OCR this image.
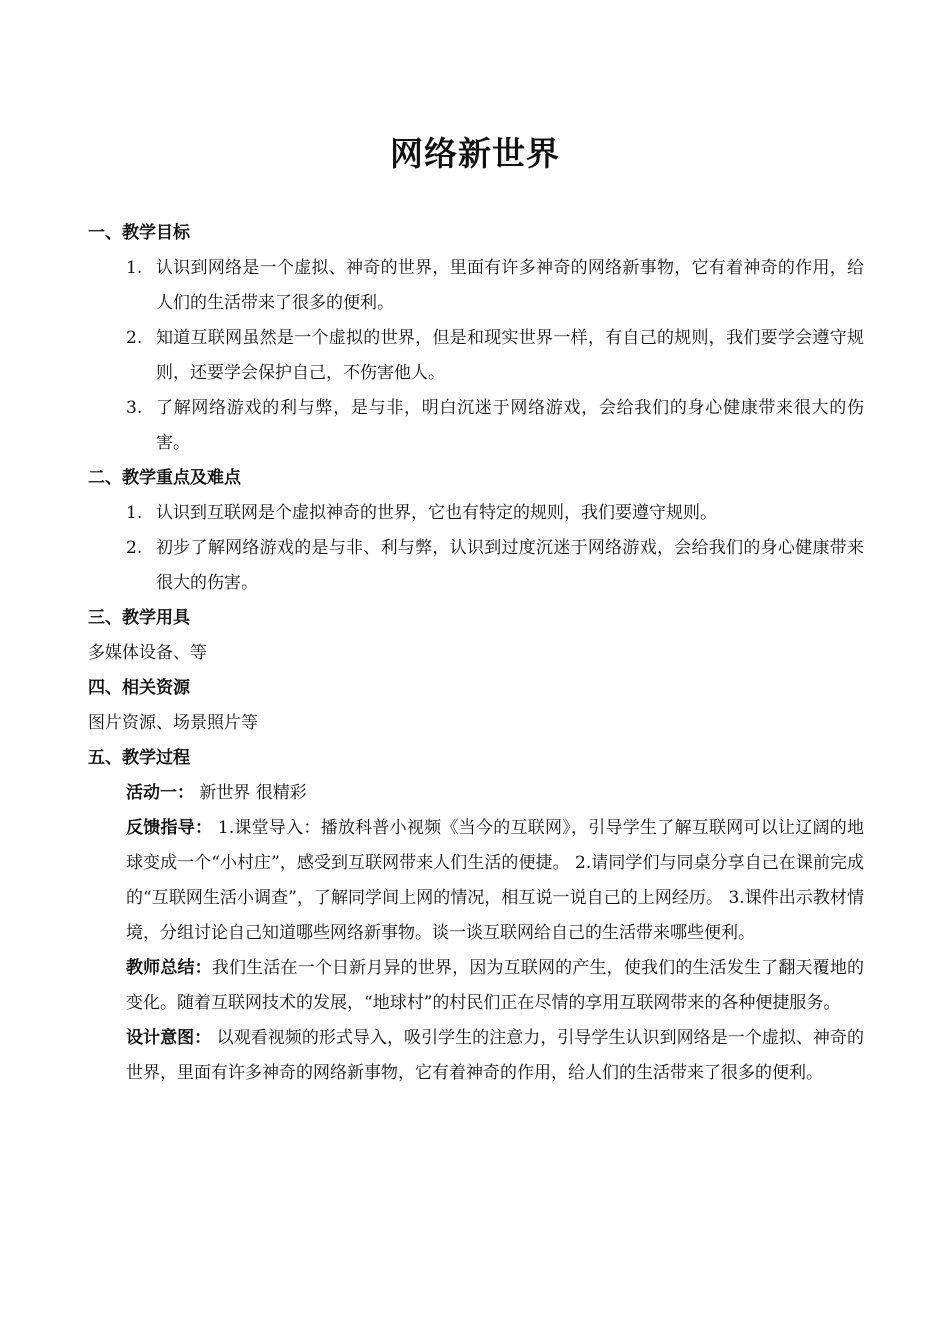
网络新世界

一、教学目标

1. 认识到网络是一个虚拟、神奇的世界，里面有许多神奇的网络新事物，它有着神奇的作用，给人们的生活带来了很多的便利。
2. 知道互联网虽然是一个虚拟的世界，但是和现实世界一样，有自己的规则，我们要学会遵守规则，还要学会保护自己，不伤害他人。
3. 了解网络游戏的利与弊，是与非，明白沉迷于网络游戏，会给我们的身心健康带来很大的伤害。

二、教学重点及难点

1. 认识到互联网是个虚拟神奇的世界，它也有特定的规则，我们要遵守规则。
2. 初步了解网络游戏的是与非、利与弊，认识到过度沉迷于网络游戏，会给我们的身心健康带来很大的伤害。

三、教学用具

多媒体设备、等

四、相关资源

图片资源、场景照片等

五、教学过程

活动一： 新世界 很精彩

反馈指导： 1.课堂导入：播放科普小视频《当今的互联网》，引导学生了解互联网可以让辽阔的地球变成一个“小村庄”，感受到互联网带来人们生活的便捷。 2.请同学们与同桌分享自己在课前完成的“互联网生活小调查”，了解同学间上网的情况，相互说一说自己的上网经历。 3.课件出示教材情境，分组讨论自己知道哪些网络新事物。谈一谈互联网给自己的生活带来哪些便利。

教师总结：我们生活在一个日新月异的世界，因为互联网的产生，使我们的生活发生了翻天覆地的变化。随着互联网技术的发展，“地球村”的村民们正在尽情的享用互联网带来的各种便捷服务。

设计意图： 以观看视频的形式导入，吸引学生的注意力，引导学生认识到网络是一个虚拟、神奇的世界，里面有许多神奇的网络新事物，它有着神奇的作用，给人们的生活带来了很多的便利。
